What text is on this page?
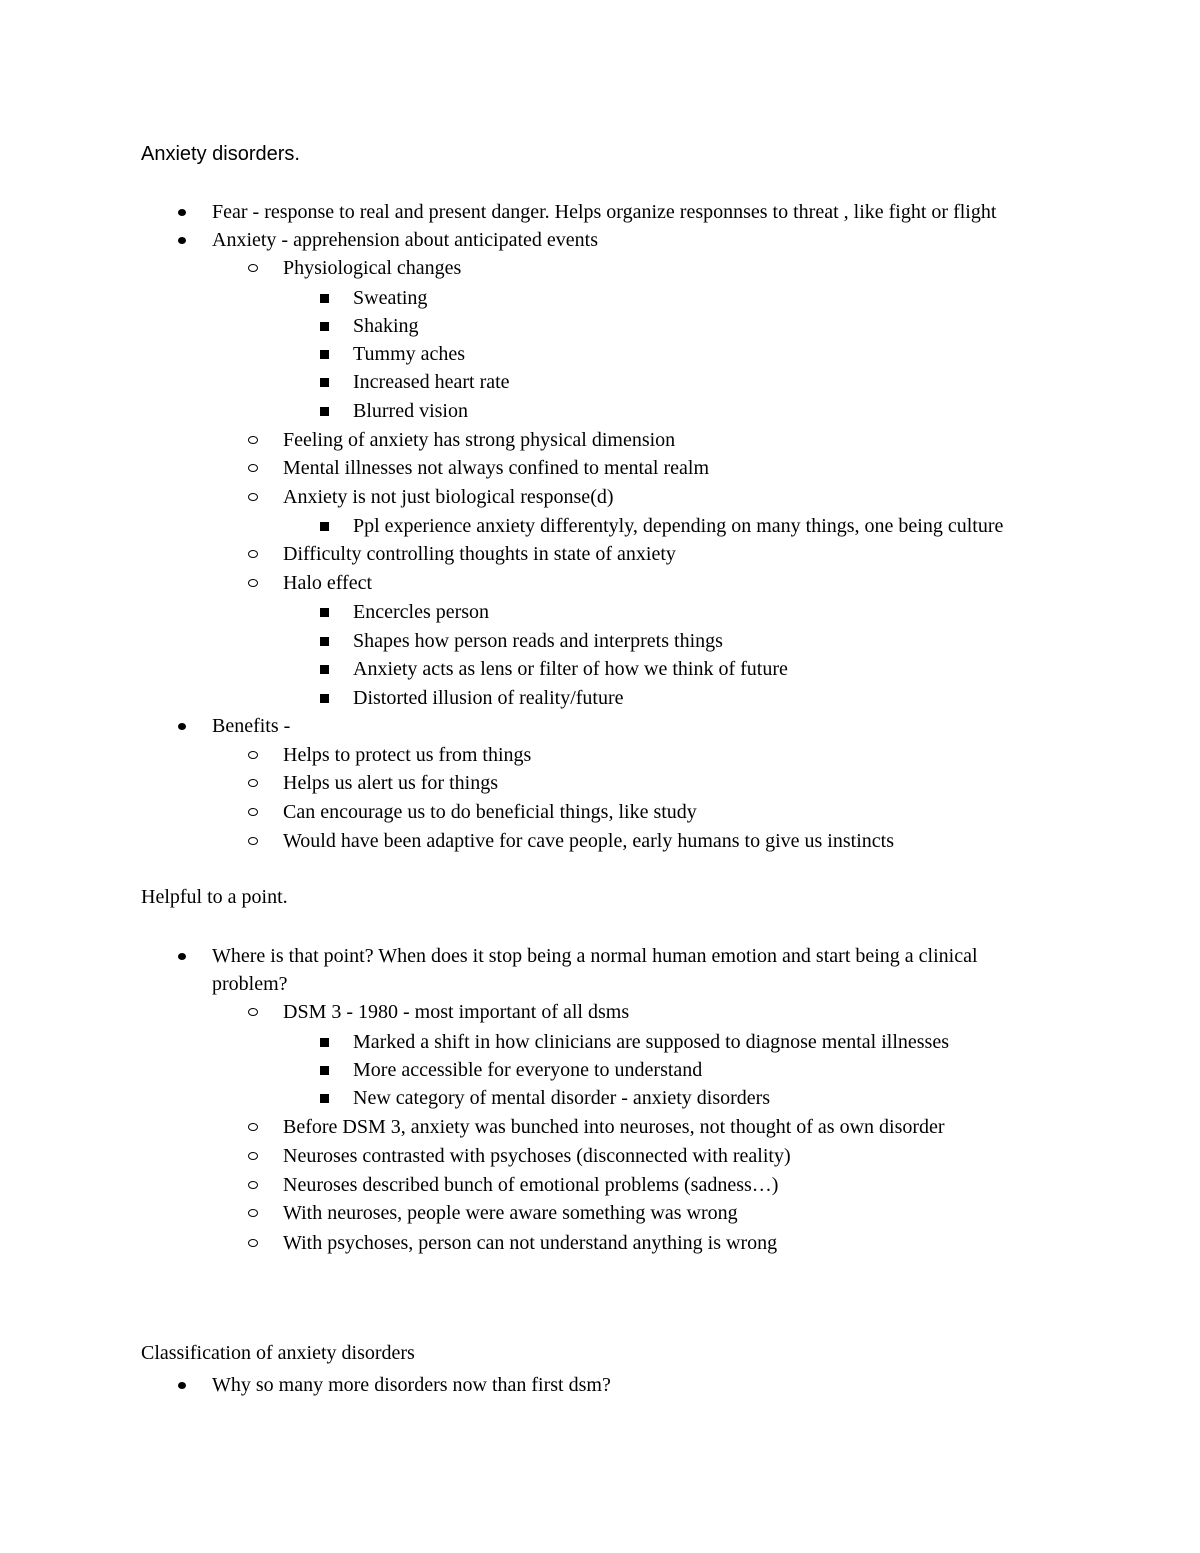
Anxiety disorders.
Fear - response to real and present danger. Helps organize responnses to threat , like fight or flight
Anxiety - apprehension about anticipated events
Physiological changes
Sweating
Shaking
Tummy aches
Increased heart rate
Blurred vision
Feeling of anxiety has strong physical dimension
Mental illnesses not always confined to mental realm
Anxiety is not just biological response(d)
Ppl experience anxiety differentyly, depending on many things, one being culture
Difficulty controlling thoughts in state of anxiety
Halo effect
Encercles person
Shapes how person reads and interprets things
Anxiety acts as lens or filter of how we think of future
Distorted illusion of reality/future
Benefits -
Helps to protect us from things
Helps us alert us for things
Can encourage us to do beneficial things, like study
Would have been adaptive for cave people, early humans to give us instincts
Helpful to a point.
Where is that point? When does it stop being a normal human emotion and start being a clinical problem?
DSM 3 - 1980 - most important of all dsms
Marked a shift in how clinicians are supposed to diagnose mental illnesses
More accessible for everyone to understand
New category of mental disorder - anxiety disorders
Before DSM 3, anxiety was bunched into neuroses, not thought of as own disorder
Neuroses contrasted with psychoses (disconnected with reality)
Neuroses described bunch of emotional problems (sadness…)
With neuroses, people were aware something was wrong
With psychoses, person can not understand anything is wrong
Classification of anxiety disorders
Why so many more disorders now than first dsm?
